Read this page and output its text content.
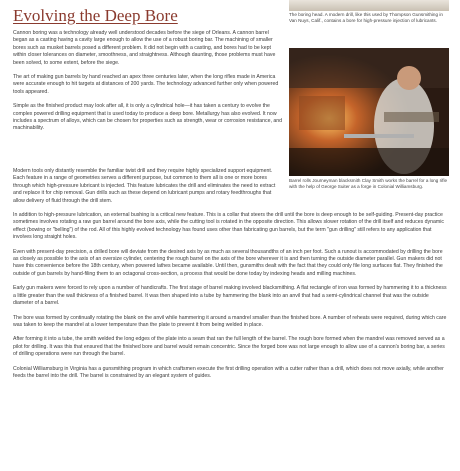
The boring head. A modern drill, like this used by Thompson Gunsmithing in Van Nuys, Calif., contains a bore for high-pressure injection of lubricants.

Evolving the Deep Bore

Cannon boring was a technology already well understood decades before the siege of Orleans. A cannon barrel began as a casting having a cavity large enough to allow the use of a robust boring bar. The machining of smaller bores such as musket barrels posed a different problem. It did not begin with a casting, and bores had to be kept within closer tolerances on diameter, smoothness, and straightness. Although daunting, those problems must have been solved, to some extent, before the siege.

The art of making gun barrels by hand reached an apex three centuries later, when the long rifles made in America were accurate enough to hit targets at distances of 200 yards. The technology advanced further only when powered tools appeared.

Simple as the finished product may look after all, it is only a cylindrical hole—it has taken a century to evolve the complex powered drilling equipment that is used today to produce a deep bore. Metallurgy has also evolved. It now includes a spectrum of alloys, which can be chosen for properties such as strength, wear or corrosion resistance, and machinability.

Barrel rolls Journeyman blacksmith Clay Smith works the barrel for a long rifle with the help of George Suiter as a forge in Colonial Williamsburg.

Modern tools only distantly resemble the familiar twist drill and they require highly specialized support equipment. Each feature in a range of geometries serves a different purpose, but common to them all is one or more bores through which high-pressure lubricant is injected. This feature lubricates the drill and eliminates the need to extract and replace it for chip removal. Gun drills such as these depend on lubricant pumps and rotary feedthroughs that allow delivery of fluid through the drill stem.

In addition to high-pressure lubrication, an external bushing is a critical new feature. This is a collar that steers the drill until the bore is deep enough to be self-guiding. Present-day practice sometimes involves rotating a raw gun barrel around the bore axis, while the cutting tool is rotated in the opposite direction. This allows slower rotation of the drill itself and reduces dynamic effect (bowing or "belling") of the rod. All of this highly evolved technology has found uses other than fabricating gun barrels, but the term "gun drilling" still refers to any application that involves long straight holes.

Even with present-day precision, a drilled bore will deviate from the desired axis by as much as several thousandths of an inch per foot. Such a runout is accommodated by drilling the bore as closely as possible to the axis of an oversize cylinder, centering the rough barrel on the axis of the bore wherever it is and then turning the outside diameter parallel. Gun makers did not have this convenience before the 18th century, when powered lathes became available. Until then, gunsmiths dealt with the fact that they could only file long surfaces flat. They finished the outside of gun barrels by hand-filing them to an octagonal cross-section, a process that would be done today by indexing heads and milling machines.

Early gun makers were forced to rely upon a number of handicrafts. The first stage of barrel making involved blacksmithing. A flat rectangle of iron was formed by hammering it to a thickness a little greater than the wall thickness of a finished barrel. It was then shaped into a tube by hammering the blank into an anvil that had a semi-cylindrical channel that was the outside diameter of a barrel.

The bore was formed by continually rotating the blank on the anvil while hammering it around a mandrel smaller than the finished bore. A number of reheats were required, during which care was taken to keep the mandrel at a lower temperature than the plate to prevent it from being welded in place.

After forming it into a tube, the smith welded the long edges of the plate into a seam that ran the full length of the barrel. The rough bore formed when the mandrel was removed served as a pilot for drilling. It was this that ensured that the finished bore and barrel would remain concentric. Since the forged bore was not large enough to allow use of a cannon's boring bar, a series of drilling operations were run through the barrel.

Colonial Williamsburg in Virginia has a gunsmithing program in which craftsmen execute the first drilling operation with a cutter rather than a drill, which does not move axially, while another feeds the barrel into the drill. The barrel is constrained by an elegant system of guides.
